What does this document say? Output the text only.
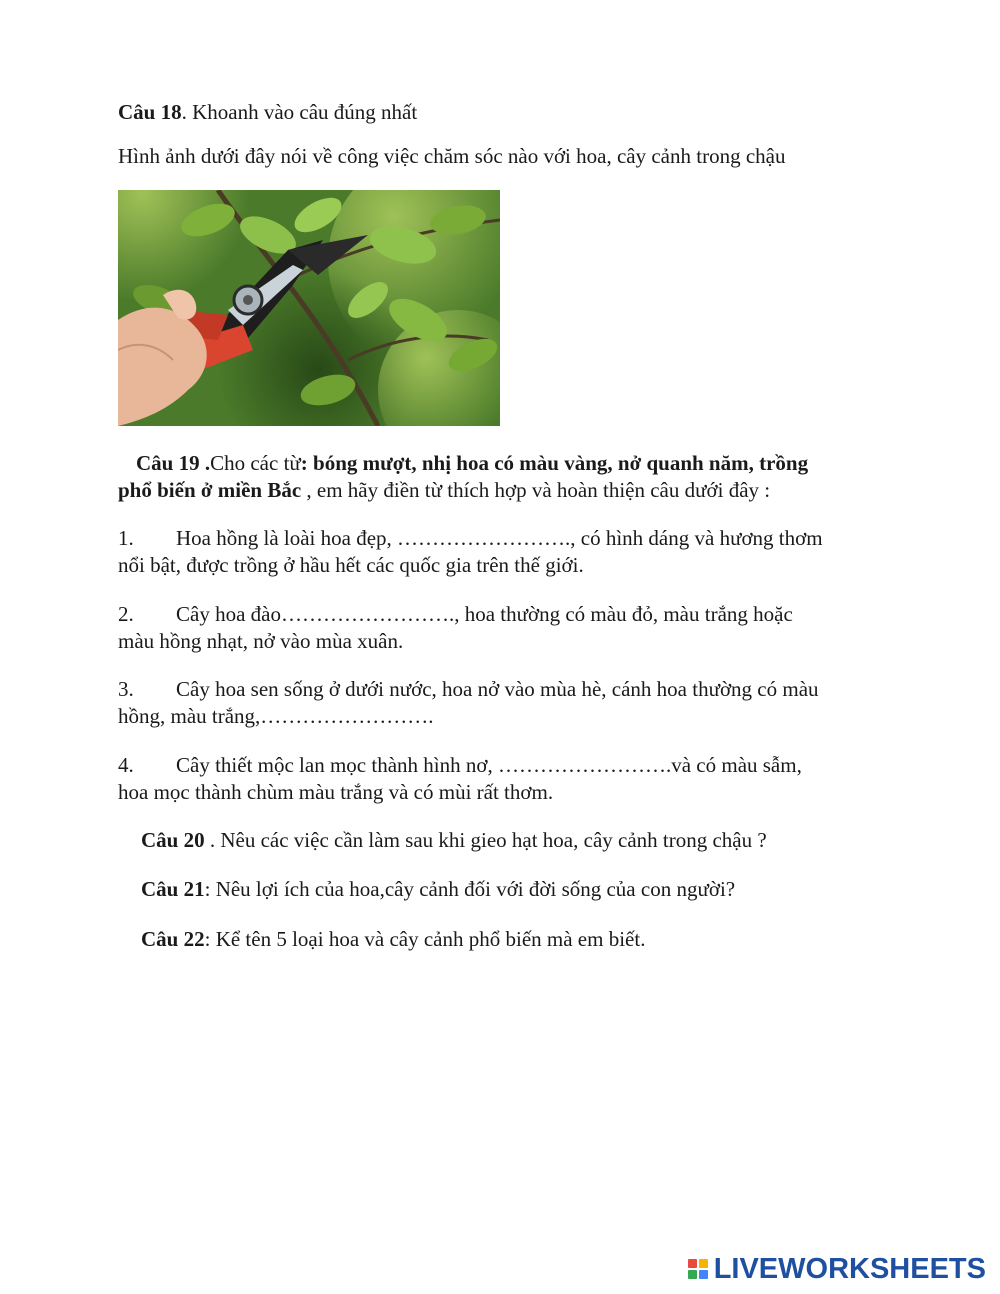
Câu 18. Khoanh vào câu đúng nhất
Hình ảnh dưới đây nói về công việc chăm sóc nào với hoa, cây cảnh trong chậu
Câu 19 .Cho các từ: bóng mượt, nhị hoa có màu vàng, nở quanh năm, trồng
phổ biến ở miền Bắc , em hãy điền từ thích hợp và hoàn thiện câu dưới đây :
1. Hoa hồng là loài hoa đẹp, ……………………., có hình dáng và hương thơm
nổi bật, được trồng ở hầu hết các quốc gia trên thế giới.
2. Cây hoa đào……………………., hoa thường có màu đỏ, màu trắng hoặc
màu hồng nhạt, nở vào mùa xuân.
3. Cây hoa sen sống ở dưới nước, hoa nở vào mùa hè, cánh hoa thường có màu
hồng, màu trắng,…………………….
4. Cây thiết mộc lan mọc thành hình nơ, …………………….và có màu sẫm,
hoa mọc thành chùm màu trắng và có mùi rất thơm.
Câu 20 . Nêu các việc cần làm sau khi gieo hạt hoa, cây cảnh trong chậu ?
Câu 21: Nêu lợi ích của hoa,cây cảnh đối với đời sống của con người?
Câu 22: Kể tên 5 loại hoa và cây cảnh phổ biến mà em biết.
LIVEWORKSHEETS
